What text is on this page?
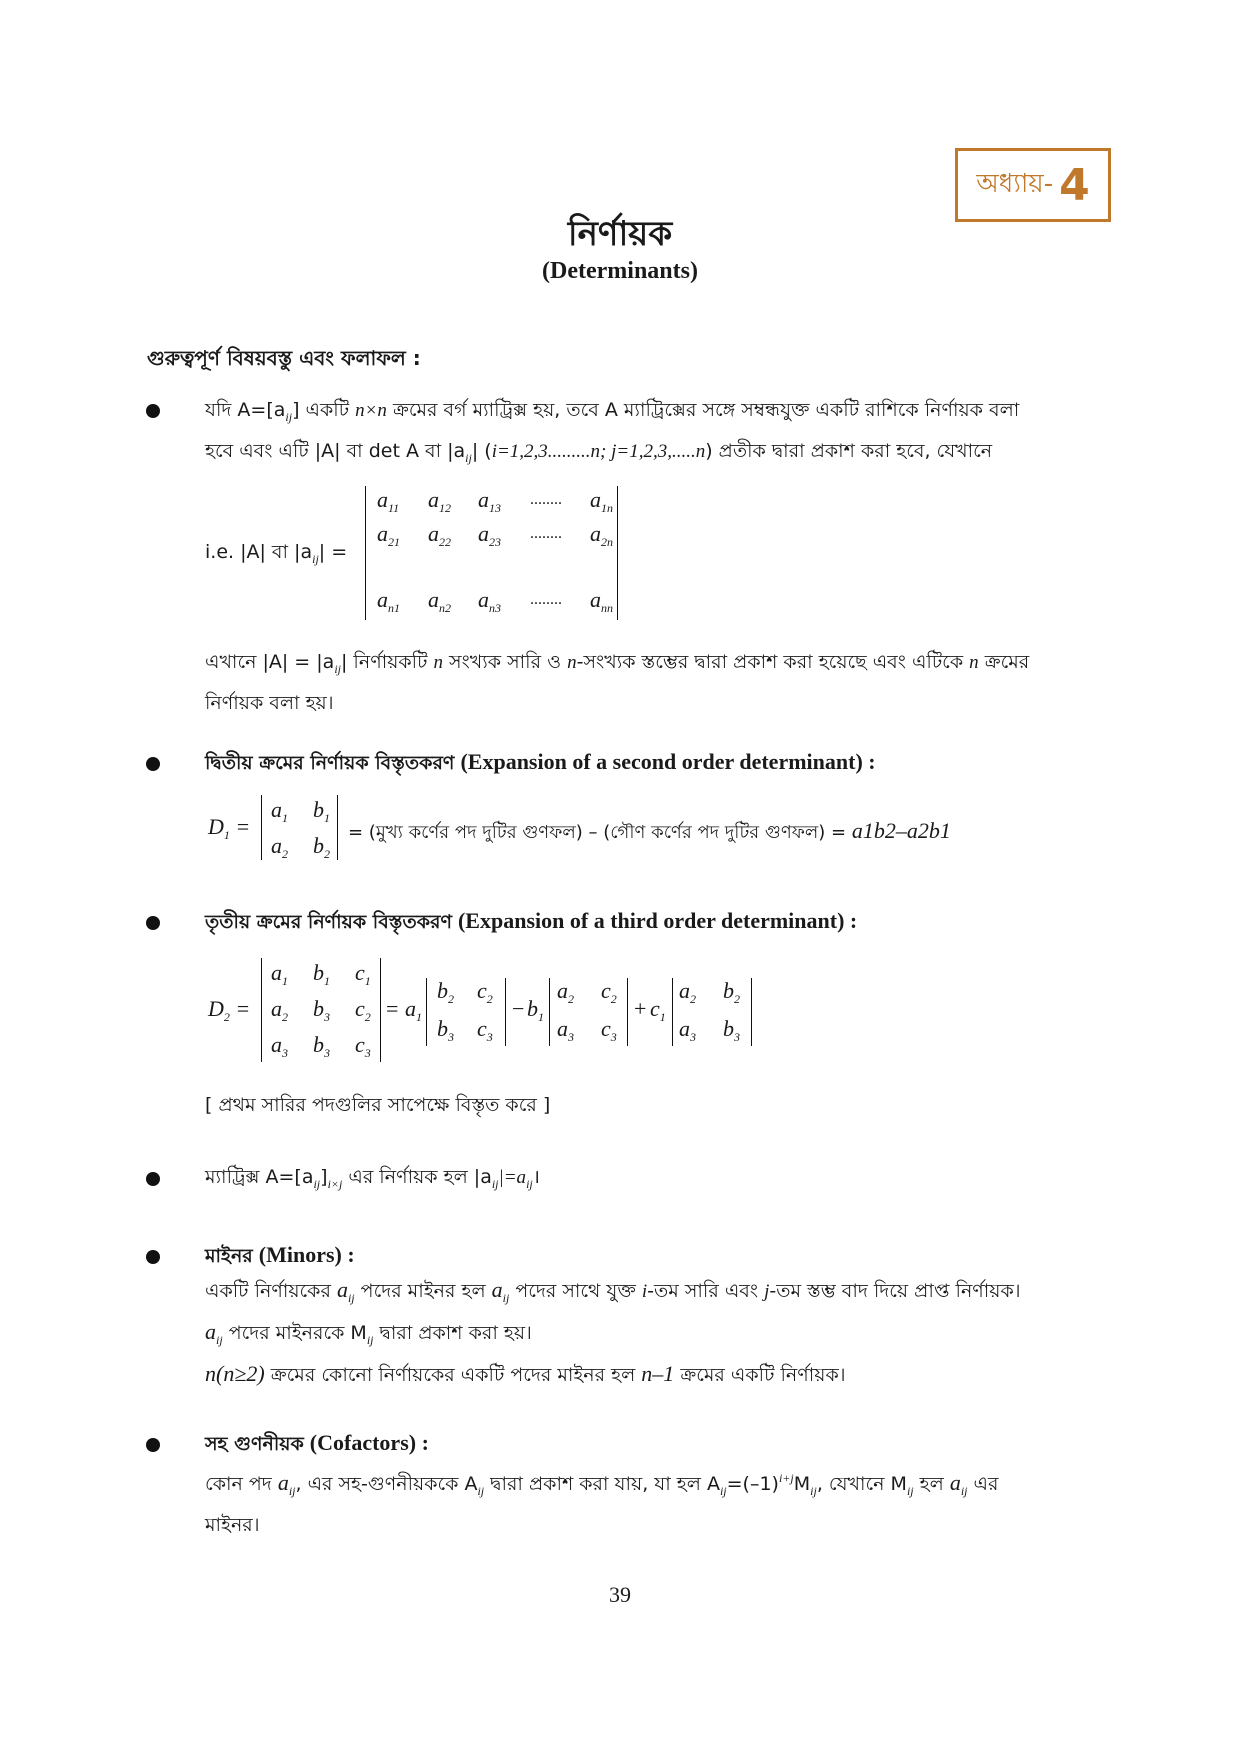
অধ্যায়- 4
নির্ণায়ক
(Determinants)
গুরুত্বপূর্ণ বিষয়বস্তু এবং ফলাফল :
যদি $A=[a_{ij}]$ একটি n×n ক্রমের বর্গ ম্যাট্রিক্স হয়, তবে A ম্যাট্রিক্সের সঙ্গে সম্বন্ধযুক্ত একটি রাশিকে নির্ণায়ক বলা
হবে এবং এটি |A| বা det A বা $|a_{ij}|$ (i=1,2,3.........n; j=1,2,3,.....n) প্রতীক দ্বারা প্রকাশ করা হবে, যেখানে
i.e. |A| বা $|a_{ij}|$ =
$a_{11}$ $a_{12}$ $a_{13}$ ........ $a_{1n}$
$a_{21}$ $a_{22}$ $a_{23}$ ........ $a_{2n}$
$a_{n1}$ $a_{n2}$ $a_{n3}$ ........ $a_{nn}$
এখানে $|A| = |a_{ij}|$ নির্ণায়কটি n সংখ্যক সারি ও n-সংখ্যক স্তম্ভের দ্বারা প্রকাশ করা হয়েছে এবং এটিকে n ক্রমের
নির্ণায়ক বলা হয়।
দ্বিতীয় ক্রমের নির্ণায়ক বিস্তৃতকরণ (Expansion of a second order determinant) :
$D_1$ =
$a_1$ $b_1$
$a_2$ $b_2$
= (মুখ্য কর্ণের পদ দুটির গুণফল) – (গৌণ কর্ণের পদ দুটির গুণফল) = a1b2–a2b1
তৃতীয় ক্রমের নির্ণায়ক বিস্তৃতকরণ (Expansion of a third order determinant) :
$D_2$ =
$a_1$ $b_1$ $c_1$
$a_2$ $b_3$ $c_2$
$a_3$ $b_3$ $c_3$
= $a_1$
$b_2$ $c_2$
$b_3$ $c_3$
− $b_1$
$a_2$ $c_2$
$a_3$ $c_3$
+ $c_1$
$a_2$ $b_2$
$a_3$ $b_3$
[ প্রথম সারির পদগুলির সাপেক্ষে বিস্তৃত করে ]
ম্যাট্রিক্স $A=[a_{ij}]_{i\times j}$ এর নির্ণায়ক হল $|a_{ij}|=a_{ij}।$
মাইনর (Minors) :
একটি নির্ণায়কের $a_{ij}$ পদের মাইনর হল $a_{ij}$ পদের সাথে যুক্ত i-তম সারি এবং j-তম স্তম্ভ বাদ দিয়ে প্রাপ্ত নির্ণায়ক।
$a_{ij}$ পদের মাইনরকে $M_{ij}$ দ্বারা প্রকাশ করা হয়।
n(n≥2) ক্রমের কোনো নির্ণায়কের একটি পদের মাইনর হল n–1 ক্রমের একটি নির্ণায়ক।
সহ গুণনীয়ক (Cofactors) :
কোন পদ $a_{ij}$, এর সহ-গুণনীয়ককে $A_{ij}$ দ্বারা প্রকাশ করা যায়, যা হল $A_{ij}=(-1)^{i+j}M_{ij}$, যেখানে $M_{ij}$ হল $a_{ij}$ এর
মাইনর।
39
